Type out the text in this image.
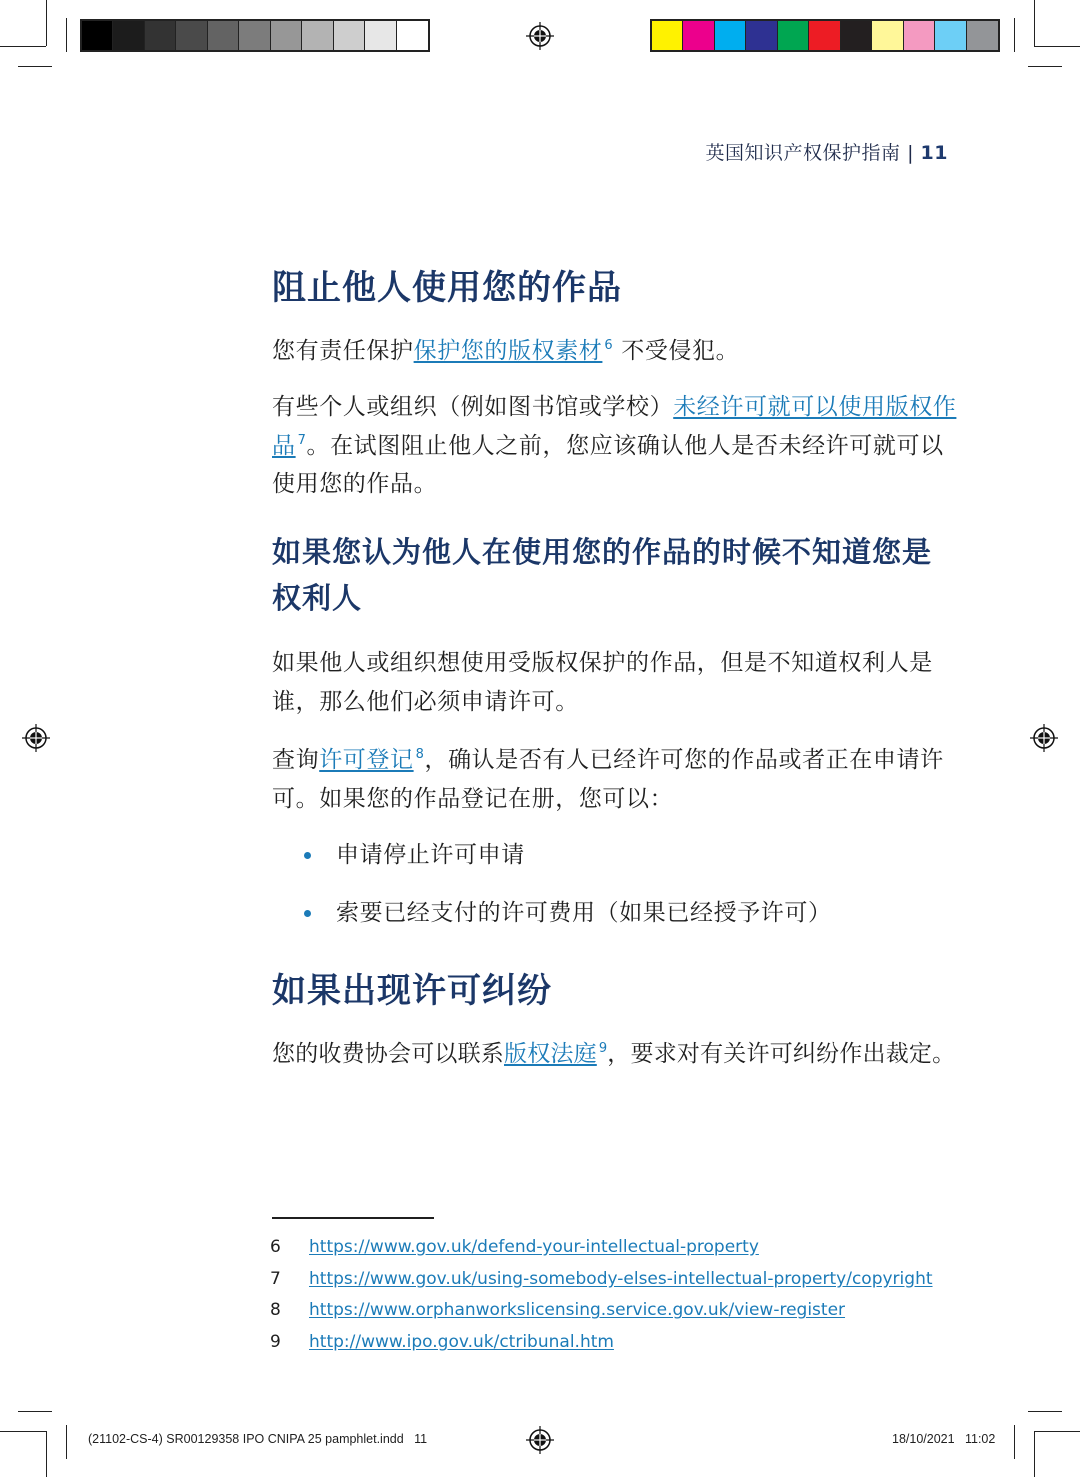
英国知识产权保护指南 | 11
阻止他人使用您的作品

您有责任保护保护您的版权素材 $^6$ 不受侵犯。

有些个人或组织（例如图书馆或学校）未经许可就可以使用版权作品 $^7$。在试图阻止他人之前，您应该确认他人是否未经许可就可以使用您的作品。

如果您认为他人在使用您的作品的时候不知道您是
权利人

如果他人或组织想使用受版权保护的作品，但是不知道权利人是谁，那么他们必须申请许可。

查询许可登记 $^8$，确认是否有人已经许可您的作品或者正在申请许可。如果您的作品登记在册，您可以：

申请停止许可申请
索要已经支付的许可费用（如果已经授予许可）
如果出现许可纠纷

您的收费协会可以联系版权法庭 $^9$，要求对有关许可纠纷作出裁定。

6	https://www.gov.uk/defend-your-intellectual-property
7	https://www.gov.uk/using-somebody-elses-intellectual-property/copyright
8	https://www.orphanworkslicensing.service.gov.uk/view-register
9	http://www.ipo.gov.uk/ctribunal.htm
(21102-CS-4) SR00129358 IPO CNIPA 25 pamphlet.indd   11	18/10/2021   11:02
